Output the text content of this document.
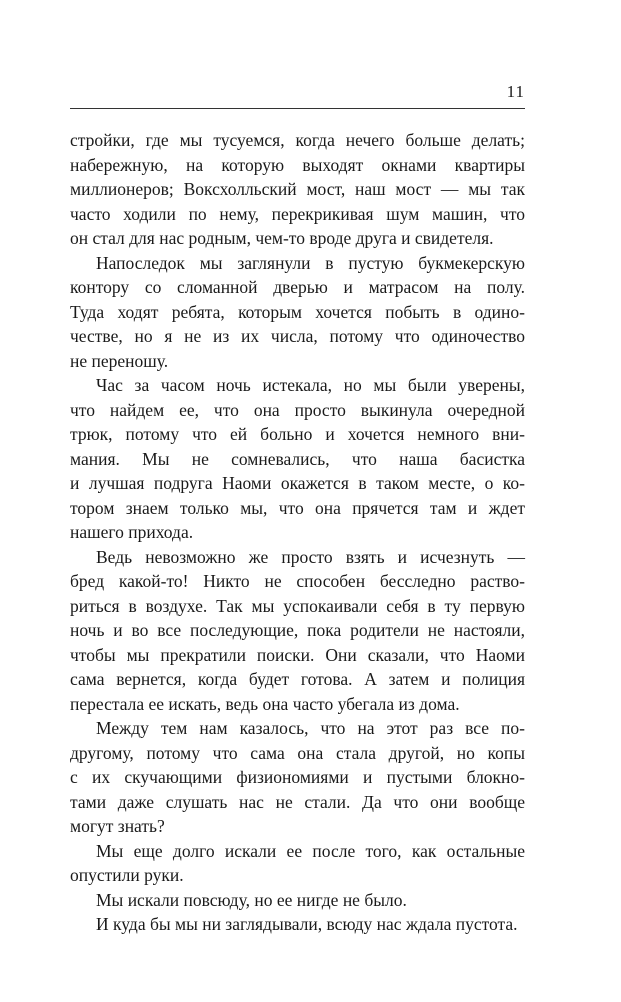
11
стройки, где мы тусуемся, когда нечего больше делать;
набережную, на которую выходят окнами квартиры
миллионеров; Воксхолльский мост, наш мост — мы так
часто ходили по нему, перекрикивая шум машин, что
он стал для нас родным, чем-то вроде друга и свидетеля.
Напоследок мы заглянули в пустую букмекерскую
контору со сломанной дверью и матрасом на полу.
Туда ходят ребята, которым хочется побыть в одино-
честве, но я не из их числа, потому что одиночество
не переношу.
Час за часом ночь истекала, но мы были уверены,
что найдем ее, что она просто выкинула очередной
трюк, потому что ей больно и хочется немного вни-
мания. Мы не сомневались, что наша басистка
и лучшая подруга Наоми окажется в таком месте, о ко-
тором знаем только мы, что она прячется там и ждет
нашего прихода.
Ведь невозможно же просто взять и исчезнуть —
бред какой-то! Никто не способен бесследно раство-
риться в воздухе. Так мы успокаивали себя в ту первую
ночь и во все последующие, пока родители не настояли,
чтобы мы прекратили поиски. Они сказали, что Наоми
сама вернется, когда будет готова. А затем и полиция
перестала ее искать, ведь она часто убегала из дома.
Между тем нам казалось, что на этот раз все по-
другому, потому что сама она стала другой, но копы
с их скучающими физиономиями и пустыми блокно-
тами даже слушать нас не стали. Да что они вообще
могут знать?
Мы еще долго искали ее после того, как остальные
опустили руки.
Мы искали повсюду, но ее нигде не было.
И куда бы мы ни заглядывали, всюду нас ждала пустота.
